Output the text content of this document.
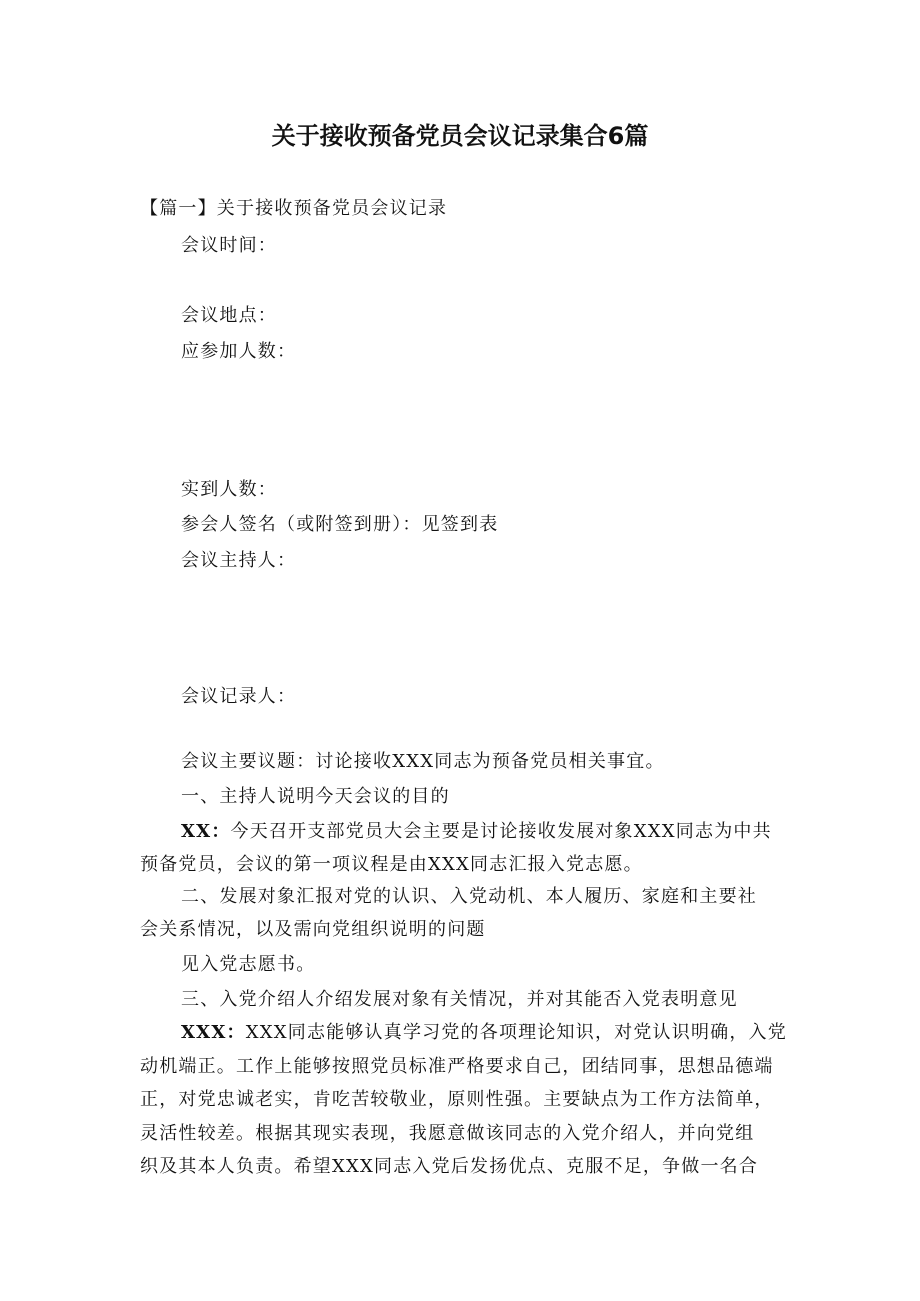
关于接收预备党员会议记录集合6篇

【篇一】关于接收预备党员会议记录

会议时间：

会议地点：

应参加人数：

实到人数：

参会人签名（或附签到册）：见签到表

会议主持人：

会议记录人：

会议主要议题：讨论接收XXX同志为预备党员相关事宜。

一、主持人说明今天会议的目的

XX：今天召开支部党员大会主要是讨论接收发展对象XXX同志为中共

预备党员，会议的第一项议程是由XXX同志汇报入党志愿。

二、发展对象汇报对党的认识、入党动机、本人履历、家庭和主要社

会关系情况，以及需向党组织说明的问题

见入党志愿书。

三、入党介绍人介绍发展对象有关情况，并对其能否入党表明意见

XXX：XXX同志能够认真学习党的各项理论知识，对党认识明确，入党

动机端正。工作上能够按照党员标准严格要求自己，团结同事，思想品德端

正，对党忠诚老实，肯吃苦较敬业，原则性强。主要缺点为工作方法简单，

灵活性较差。根据其现实表现，我愿意做该同志的入党介绍人，并向党组

织及其本人负责。希望XXX同志入党后发扬优点、克服不足，争做一名合
